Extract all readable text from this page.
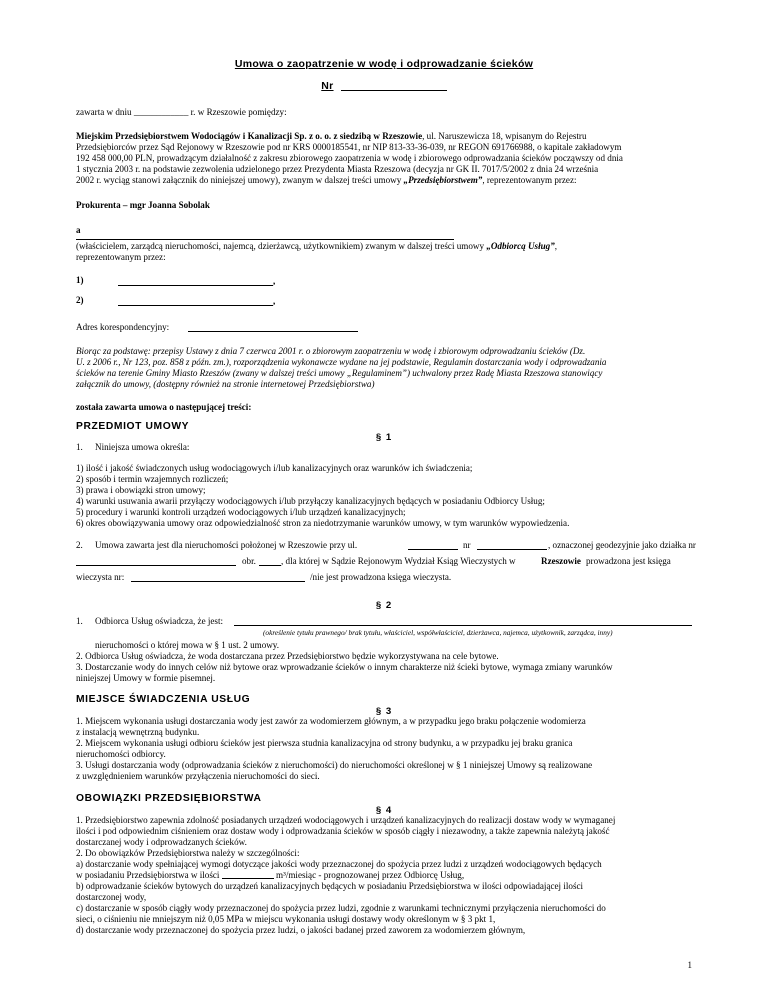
Umowa o zaopatrzenie w wodę i odprowadzanie ścieków
Nr
zawarta w dniu ____________ r. w Rzeszowie pomiędzy:
Miejskim Przedsiębiorstwem Wodociągów i Kanalizacji Sp. z o. o. z siedzibą w Rzeszowie, ul. Naruszewicza 18, wpisanym do Rejestru
Przedsiębiorców przez Sąd Rejonowy w Rzeszowie pod nr KRS 0000185541, nr NIP 813-33-36-039, nr REGON 691766988, o kapitale zakładowym
192 458 000,00 PLN, prowadzącym działalność z zakresu zbiorowego zaopatrzenia w wodę i zbiorowego odprowadzania ścieków począwszy od dnia
1 stycznia 2003 r. na podstawie zezwolenia udzielonego przez Prezydenta Miasta Rzeszowa (decyzja nr GK II. 7017/5/2002 z dnia 24 września
2002 r. wyciąg stanowi załącznik do niniejszej umowy), zwanym w dalszej treści umowy „Przedsiębiorstwem”, reprezentowanym przez:
Prokurenta – mgr Joanna Sobolak
a
(właścicielem, zarządcą nieruchomości, najemcą, dzierżawcą, użytkownikiem) zwanym w dalszej treści umowy „Odbiorcą Usług”,
reprezentowanym przez:
1)	,
2)	,
Adres korespondencyjny:
Biorąc za podstawę: przepisy Ustawy z dnia 7 czerwca 2001 r. o zbiorowym zaopatrzeniu w wodę i zbiorowym odprowadzaniu ścieków (Dz.
U. z 2006 r., Nr 123, poz. 858 z późn. zm.), rozporządzenia wykonawcze wydane na jej podstawie, Regulamin dostarczania wody i odprowadzania
ścieków na terenie Gminy Miasto Rzeszów (zwany w dalszej treści umowy „Regulaminem”) uchwalony przez Radę Miasta Rzeszowa stanowiący
załącznik do umowy, (dostępny również na stronie internetowej Przedsiębiorstwa)
została zawarta umowa o następującej treści:
PRZEDMIOT UMOWY
§ 1
1. Niniejsza umowa określa:
1) ilość i jakość świadczonych usług wodociągowych i/lub kanalizacyjnych oraz warunków ich świadczenia;
2) sposób i termin wzajemnych rozliczeń;
3) prawa i obowiązki stron umowy;
4) warunki usuwania awarii przyłączy wodociągowych i/lub przyłączy kanalizacyjnych będących w posiadaniu Odbiorcy Usług;
5) procedury i warunki kontroli urządzeń wodociągowych i/lub urządzeń kanalizacyjnych;
6) okres obowiązywania umowy oraz odpowiedzialność stron za niedotrzymanie warunków umowy, w tym warunków wypowiedzenia.
2. Umowa zawarta jest dla nieruchomości położonej w Rzeszowie przy ul.	nr	, oznaczonej geodezyjnie jako działka nr
obr.	, dla której w Sądzie Rejonowym Wydział Ksiąg Wieczystych w	Rzeszowie prowadzona jest księga
wieczysta nr:	/nie jest prowadzona księga wieczysta.
§ 2
1. Odbiorca Usług oświadcza, że jest:
(określenie tytułu prawnego/ brak tytułu, właściciel, współwłaściciel, dzierżawca, najemca, użytkownik, zarządca, inny)
nieruchomości o której mowa w § 1 ust. 2 umowy.
2. Odbiorca Usług oświadcza, że woda dostarczana przez Przedsiębiorstwo będzie wykorzystywana na cele bytowe.
3. Dostarczanie wody do innych celów niż bytowe oraz wprowadzanie ścieków o innym charakterze niż ścieki bytowe, wymaga zmiany warunków
niniejszej Umowy w formie pisemnej.
MIEJSCE ŚWIADCZENIA USŁUG
§ 3
1. Miejscem wykonania usługi dostarczania wody jest zawór za wodomierzem głównym, a w przypadku jego braku połączenie wodomierza
z instalacją wewnętrzną budynku.
2. Miejscem wykonania usługi odbioru ścieków jest pierwsza studnia kanalizacyjna od strony budynku, a w przypadku jej braku granica
nieruchomości odbiorcy.
3. Usługi dostarczania wody (odprowadzania ścieków z nieruchomości) do nieruchomości określonej w § 1 niniejszej Umowy są realizowane
z uwzględnieniem warunków przyłączenia nieruchomości do sieci.
OBOWIĄZKI PRZEDSIĘBIORSTWA
§ 4
1. Przedsiębiorstwo zapewnia zdolność posiadanych urządzeń wodociągowych i urządzeń kanalizacyjnych do realizacji dostaw wody w wymaganej
ilości i pod odpowiednim ciśnieniem oraz dostaw wody i odprowadzania ścieków w sposób ciągły i niezawodny, a także zapewnia należytą jakość
dostarczanej wody i odprowadzanych ścieków.
2. Do obowiązków Przedsiębiorstwa należy w szczególności:
a) dostarczanie wody spełniającej wymogi dotyczące jakości wody przeznaczonej do spożycia przez ludzi z urządzeń wodociągowych będących
w posiadaniu Przedsiębiorstwa w ilości	m³/miesiąc - prognozowanej przez Odbiorcę Usług,
b) odprowadzanie ścieków bytowych do urządzeń kanalizacyjnych będących w posiadaniu Przedsiębiorstwa w ilości odpowiadającej ilości
dostarczonej wody,
c) dostarczanie w sposób ciągły wody przeznaczonej do spożycia przez ludzi, zgodnie z warunkami technicznymi przyłączenia nieruchomości do
sieci, o ciśnieniu nie mniejszym niż 0,05 MPa w miejscu wykonania usługi dostawy wody określonym w § 3 pkt 1,
d) dostarczanie wody przeznaczonej do spożycia przez ludzi, o jakości badanej przed zaworem za wodomierzem głównym,
1
